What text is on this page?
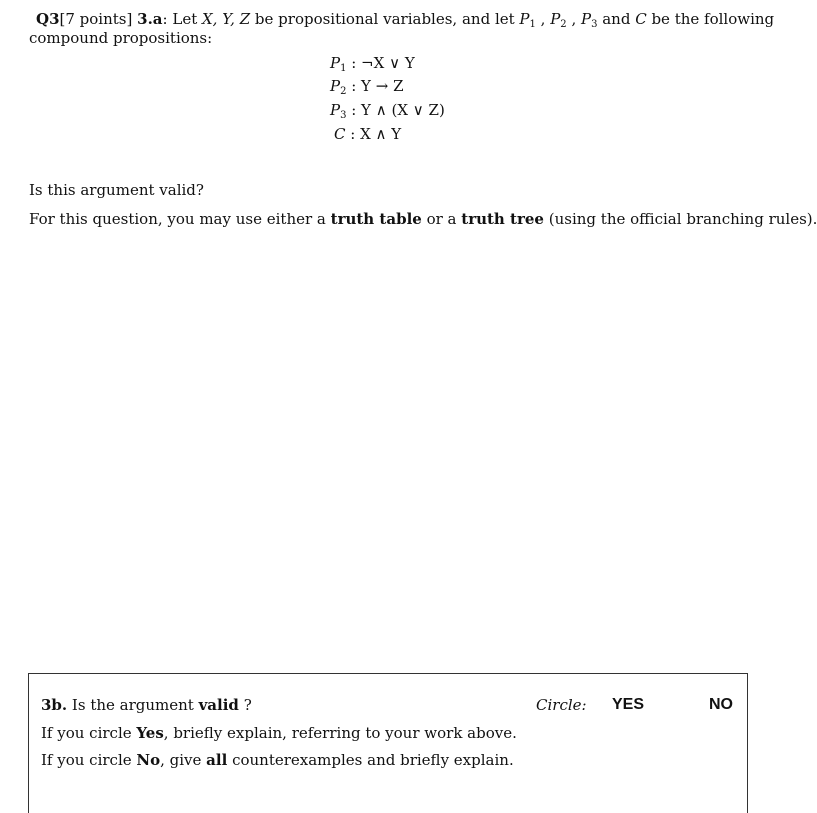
Q3[7 points] 3.a: Let X, Y, Z be propositional variables, and let $P_1$ , $P_2$ , $P_3$ and C be the following
compound propositions:
$P_1$ : ¬X ∨ Y
$P_2$ : Y → Z
$P_3$ : Y ∧ (X ∨ Z)
C : X ∧ Y
Is this argument valid?
For this question, you may use either a truth table or a truth tree (using the official branching rules).
3b. Is the argument valid ?	Circle: YES	NO
If you circle Yes, briefly explain, referring to your work above.
If you circle No, give all counterexamples and briefly explain.
